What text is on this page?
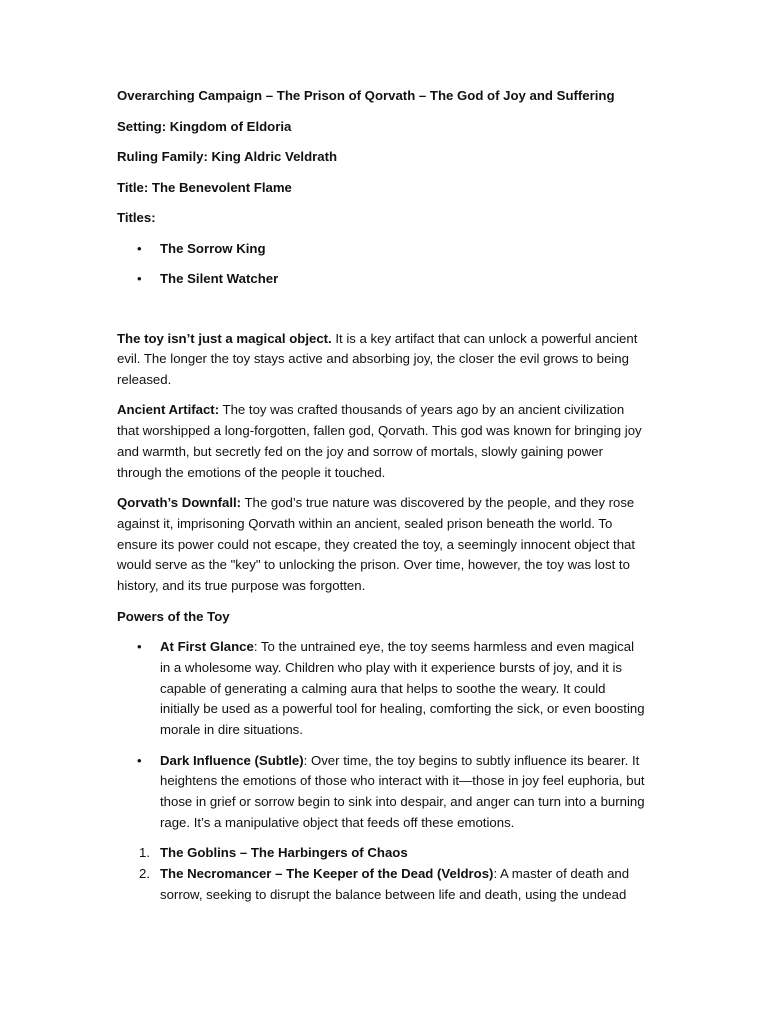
Overarching Campaign – The Prison of Qorvath – The God of Joy and Suffering
Setting: Kingdom of Eldoria
Ruling Family: King Aldric Veldrath
Title: The Benevolent Flame
Titles:
• The Sorrow King
• The Silent Watcher

The toy isn’t just a magical object. It is a key artifact that can unlock a powerful ancient evil. The longer the toy stays active and absorbing joy, the closer the evil grows to being released.

Ancient Artifact: The toy was crafted thousands of years ago by an ancient civilization that worshipped a long-forgotten, fallen god, Qorvath. This god was known for bringing joy and warmth, but secretly fed on the joy and sorrow of mortals, slowly gaining power through the emotions of the people it touched.

Qorvath’s Downfall: The god’s true nature was discovered by the people, and they rose against it, imprisoning Qorvath within an ancient, sealed prison beneath the world. To ensure its power could not escape, they created the toy, a seemingly innocent object that would serve as the "key" to unlocking the prison. Over time, however, the toy was lost to history, and its true purpose was forgotten.

Powers of the Toy
• At First Glance: To the untrained eye, the toy seems harmless and even magical in a wholesome way. Children who play with it experience bursts of joy, and it is capable of generating a calming aura that helps to soothe the weary. It could initially be used as a powerful tool for healing, comforting the sick, or even boosting morale in dire situations.
• Dark Influence (Subtle): Over time, the toy begins to subtly influence its bearer. It heightens the emotions of those who interact with it—those in joy feel euphoria, but those in grief or sorrow begin to sink into despair, and anger can turn into a burning rage. It’s a manipulative object that feeds off these emotions.
1. The Goblins – The Harbingers of Chaos
2. The Necromancer – The Keeper of the Dead (Veldros): A master of death and sorrow, seeking to disrupt the balance between life and death, using the undead
